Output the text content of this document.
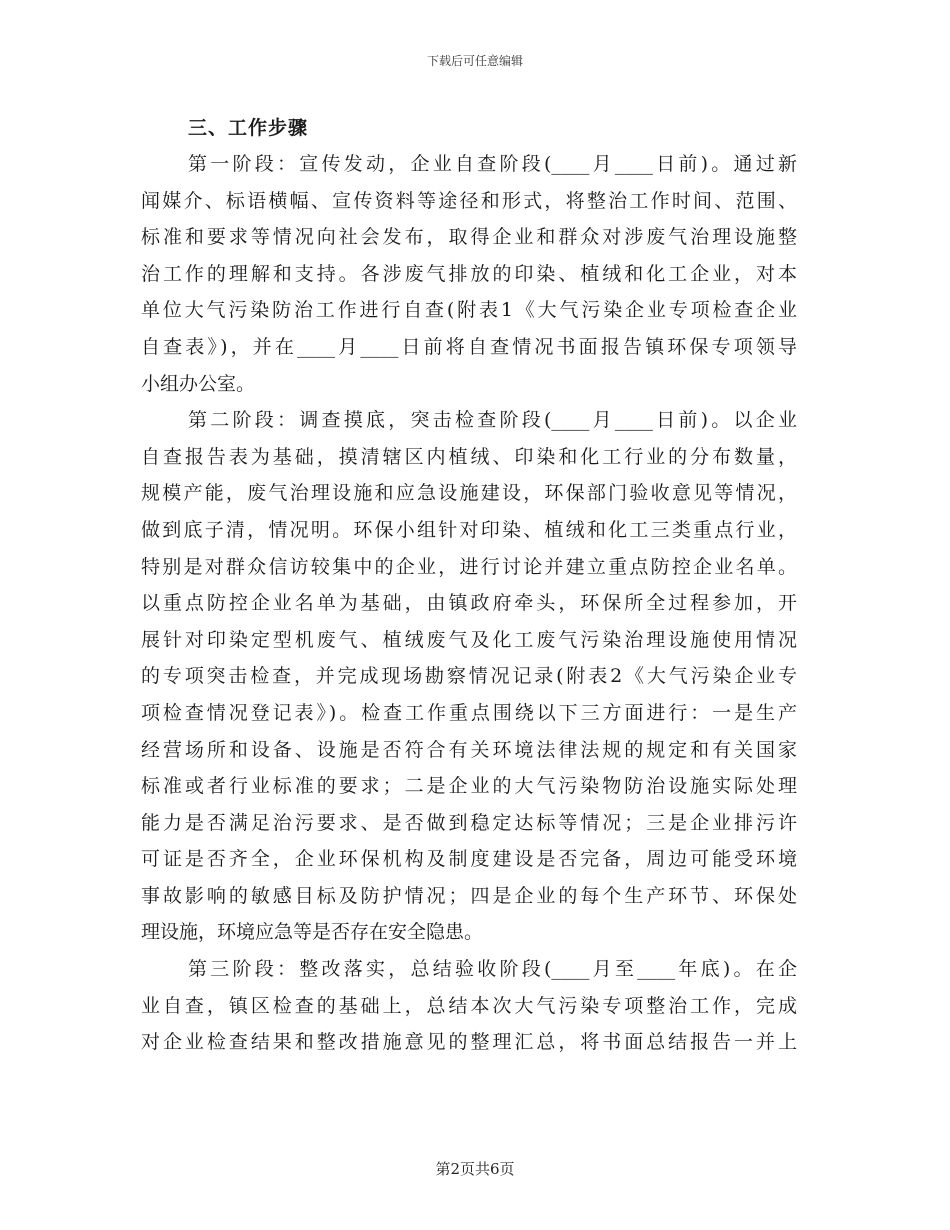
下载后可任意编辑
三、工作步骤
第一阶段：宣传发动，企业自查阶段(____月____日前)。通过新
闻媒介、标语横幅、宣传资料等途径和形式，将整治工作时间、范围、
标准和要求等情况向社会发布，取得企业和群众对涉废气治理设施整
治工作的理解和支持。各涉废气排放的印染、植绒和化工企业，对本
单位大气污染防治工作进行自查(附表1《大气污染企业专项检查企业
自查表》)，并在____月____日前将自查情况书面报告镇环保专项领导
小组办公室。
第二阶段：调查摸底，突击检查阶段(____月____日前)。以企业
自查报告表为基础，摸清辖区内植绒、印染和化工行业的分布数量，
规模产能，废气治理设施和应急设施建设，环保部门验收意见等情况，
做到底子清，情况明。环保小组针对印染、植绒和化工三类重点行业，
特别是对群众信访较集中的企业，进行讨论并建立重点防控企业名单。
以重点防控企业名单为基础，由镇政府牵头，环保所全过程参加，开
展针对印染定型机废气、植绒废气及化工废气污染治理设施使用情况
的专项突击检查，并完成现场勘察情况记录(附表2《大气污染企业专
项检查情况登记表》)。检查工作重点围绕以下三方面进行：一是生产
经营场所和设备、设施是否符合有关环境法律法规的规定和有关国家
标准或者行业标准的要求；二是企业的大气污染物防治设施实际处理
能力是否满足治污要求、是否做到稳定达标等情况；三是企业排污许
可证是否齐全，企业环保机构及制度建设是否完备，周边可能受环境
事故影响的敏感目标及防护情况；四是企业的每个生产环节、环保处
理设施，环境应急等是否存在安全隐患。
第三阶段：整改落实，总结验收阶段(____月至____年底)。在企
业自查，镇区检查的基础上，总结本次大气污染专项整治工作，完成
对企业检查结果和整改措施意见的整理汇总，将书面总结报告一并上
第2页共6页
